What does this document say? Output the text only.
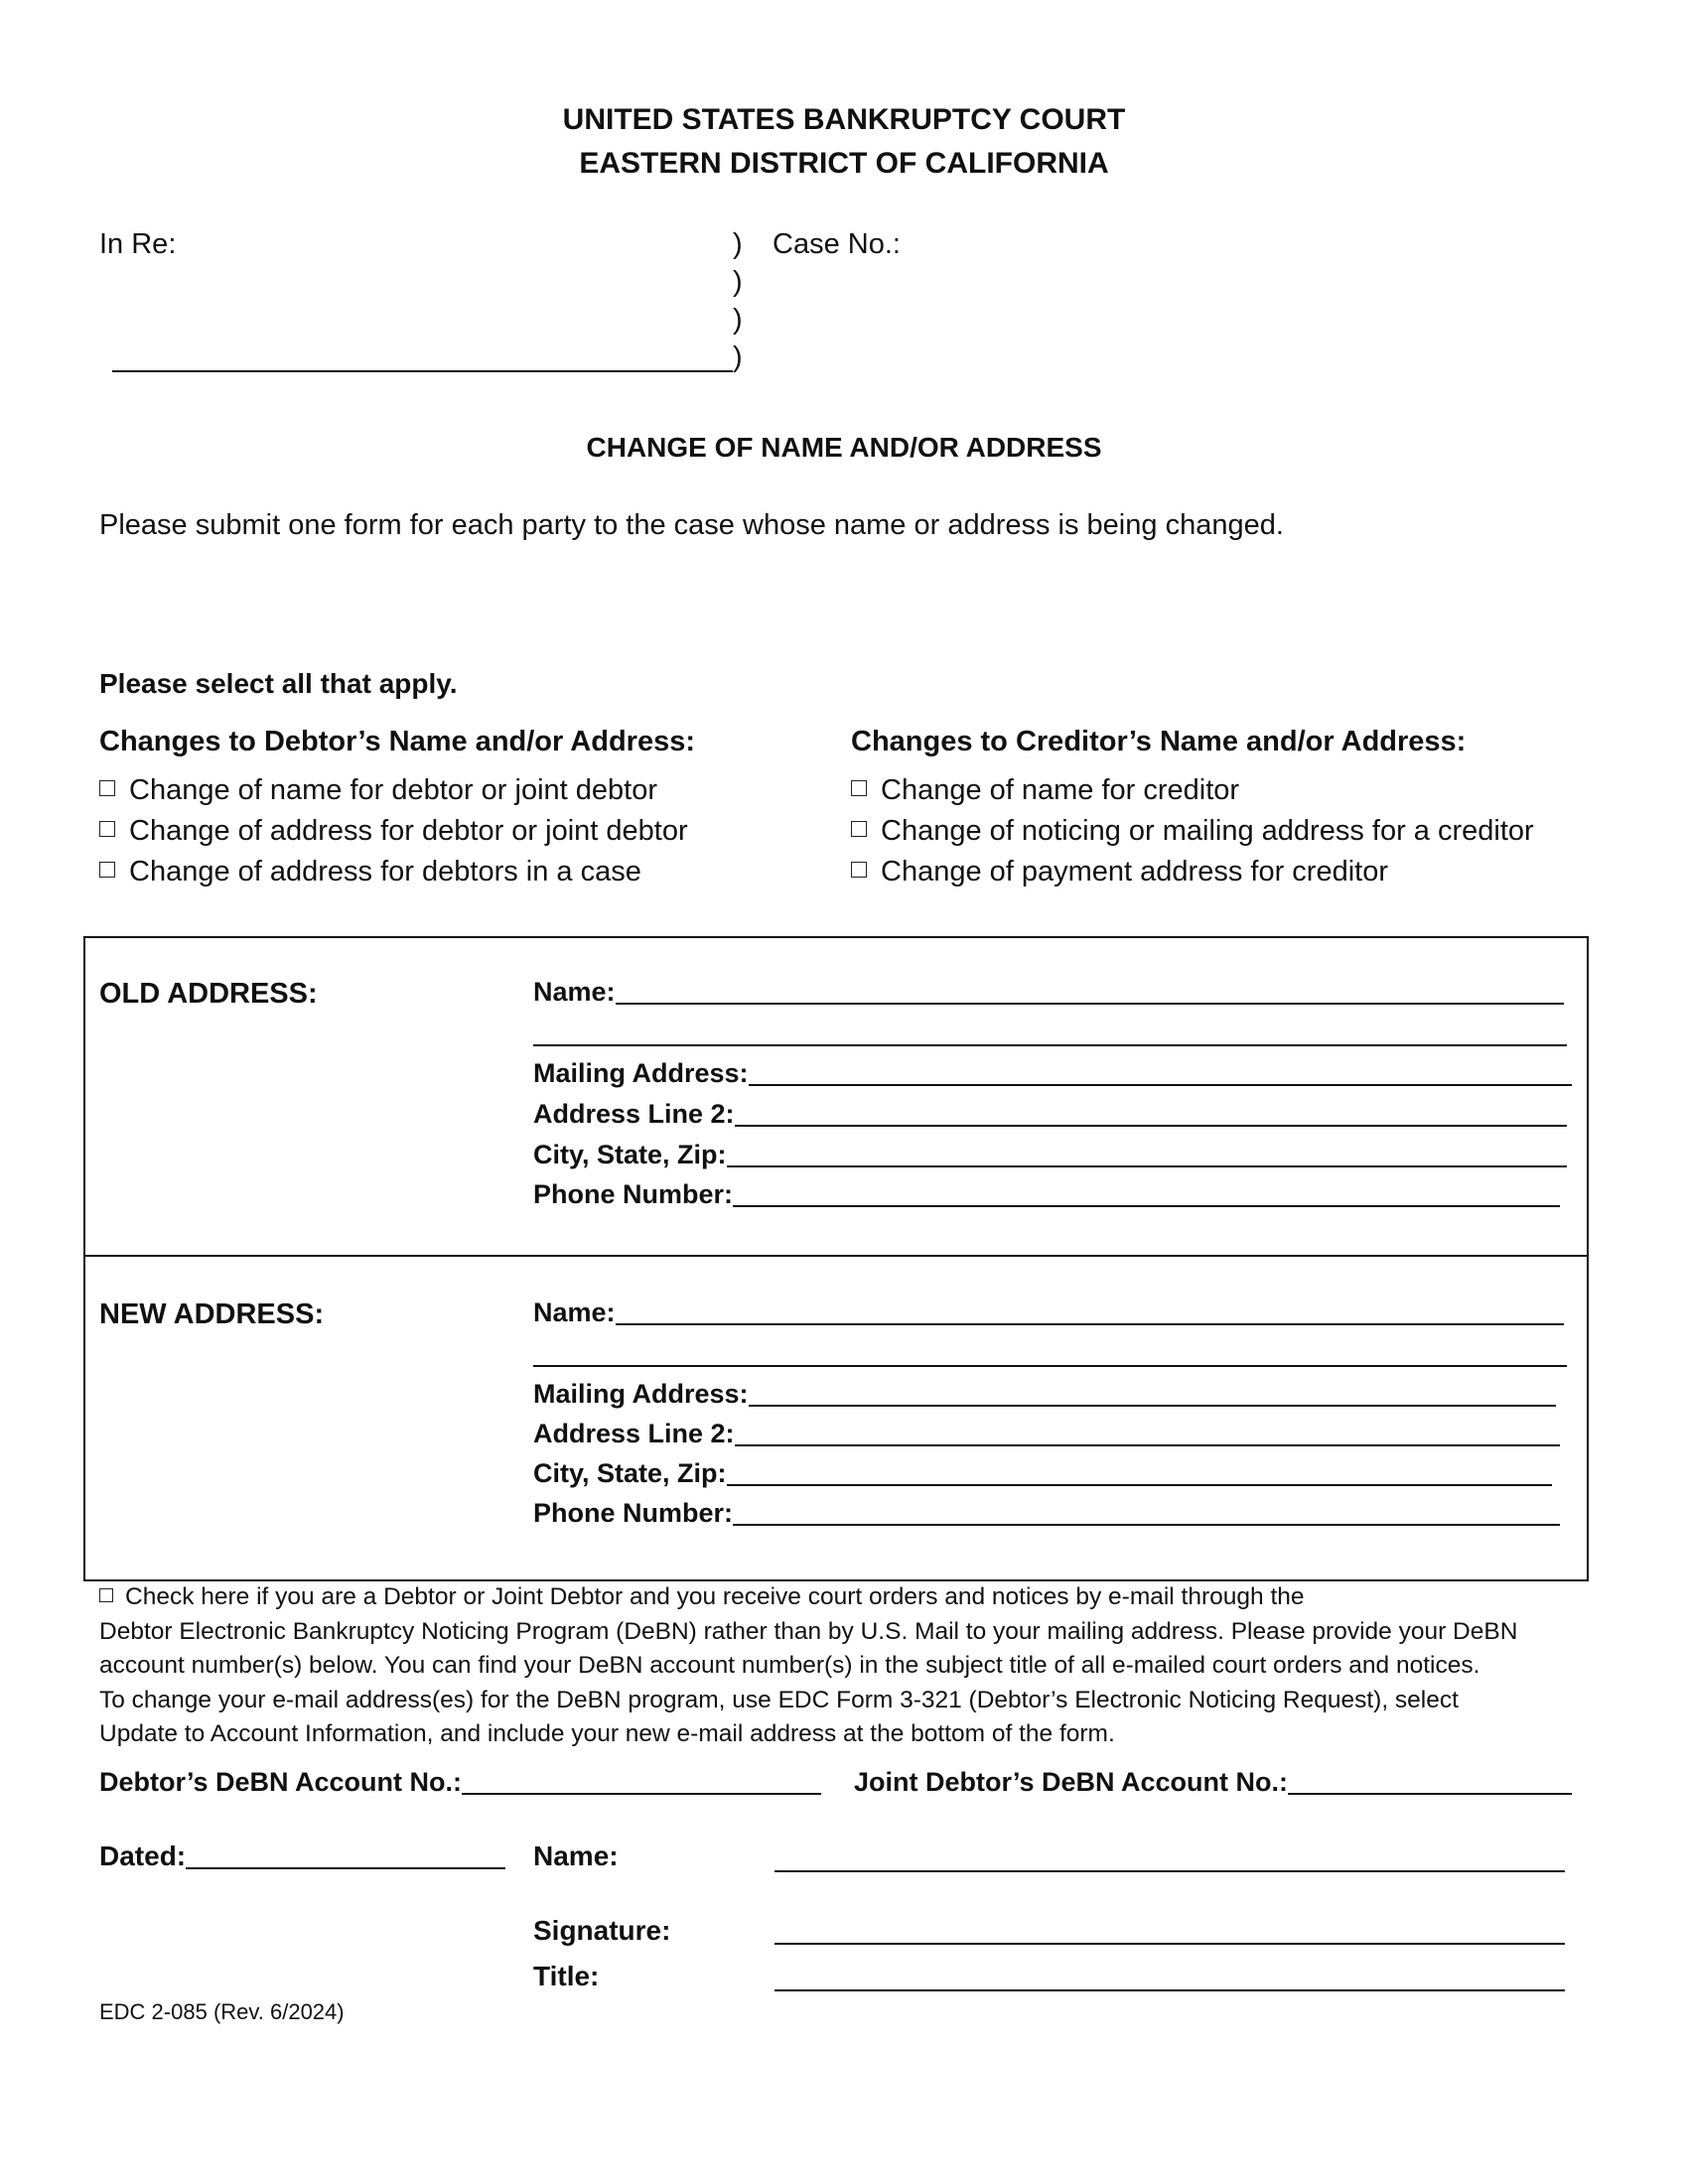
UNITED STATES BANKRUPTCY COURT
EASTERN DISTRICT OF CALIFORNIA
In Re:	)
)
)
)
Case No.:
CHANGE OF NAME AND/OR ADDRESS
Please submit one form for each party to the case whose name or address is being changed.
Please select all that apply.
Changes to Debtor’s Name and/or Address:
Change of name for debtor or joint debtor
Change of address for debtor or joint debtor
Change of address for debtors in a case
Changes to Creditor’s Name and/or Address:
Change of name for creditor
Change of noticing or mailing address for a creditor
Change of payment address for creditor
OLD ADDRESS:	Name:
Mailing Address:
Address Line 2:
City, State, Zip:
Phone Number:
NEW ADDRESS:	Name:
Mailing Address:
Address Line 2:
City, State, Zip:
Phone Number:
Check here if you are a Debtor or Joint Debtor and you receive court orders and notices by e-mail through the
Debtor Electronic Bankruptcy Noticing Program (DeBN) rather than by U.S. Mail to your mailing address. Please provide your DeBN
account number(s) below. You can find your DeBN account number(s) in the subject title of all e-mailed court orders and notices.
To change your e-mail address(es) for the DeBN program, use EDC Form 3-321 (Debtor’s Electronic Noticing Request), select
Update to Account Information, and include your new e-mail address at the bottom of the form.
Debtor’s DeBN Account No.:	Joint Debtor’s DeBN Account No.:
Dated:	Name:
Signature:
Title:
EDC 2-085 (Rev. 6/2024)
